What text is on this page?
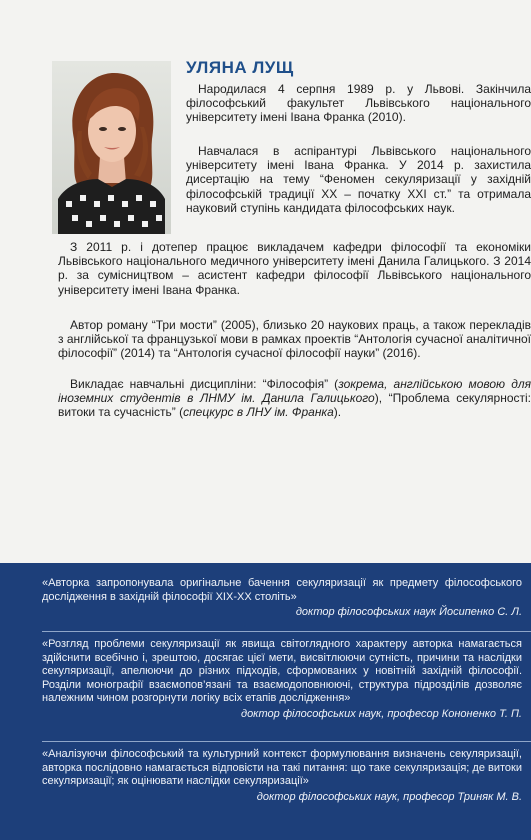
УЛЯНА ЛУЩ

Народилася 4 серпня 1989 р. у Львові. Закінчила філософський факультет Львівського національного університету імені Івана Франка (2010).

Навчалася в аспірантурі Львівського національного університету імені Івана Франка. У 2014 р. захистила дисертацію на тему “Феномен секуляризації у західній філософській традиції XX – початку XXI ст.” та отримала науковий ступінь кандидата філософських наук.

З 2011 р. і дотепер працює викладачем кафедри філософії та економіки Львівського національного медичного університету імені Данила Галицького. З 2014 р. за сумісництвом – асистент кафедри філософії Львівського національного університету імені Івана Франка.

Автор роману “Три мости” (2005), близько 20 наукових праць, а також перекладів з англійської та французької мови в рамках проектів “Антологія сучасної аналітичної філософії” (2014) та “Антологія сучасної філософії науки” (2016).

Викладає навчальні дисципліни: “Філософія” (зокрема, англійською мовою для іноземних студентів в ЛНМУ ім. Данила Галицького), “Проблема секулярності: витоки та сучасність” (спецкурс в ЛНУ ім. Франка).

«Авторка запропонувала оригінальне бачення секуляризації як предмету філософського дослідження в західній філософії XIX-XX століть»

доктор філософських наук Йосипенко С. Л.

«Розгляд проблеми секуляризації як явища світоглядного характеру авторка намагається здійснити всебічно і, зрештою, досягає цієї мети, висвітлюючи сутність, причини та наслідки секуляризації, апелюючи до різних підходів, сформованих у новітній західній філософії. Розділи монографії взаємопов’язані та взаємодоповнюючі, структура підрозділів дозволяє належним чином розгорнути логіку всіх етапів дослідження»

доктор філософських наук, професор Кононенко Т. П.

«Аналізуючи філософський та культурний контекст формулювання визначень секуляризації, авторка послідовно намагається відповісти на такі питання: що таке секуляризація; де витоки секуляризації; як оцінювати наслідки секуляризації»

доктор філософських наук, професор Триняк М. В.
